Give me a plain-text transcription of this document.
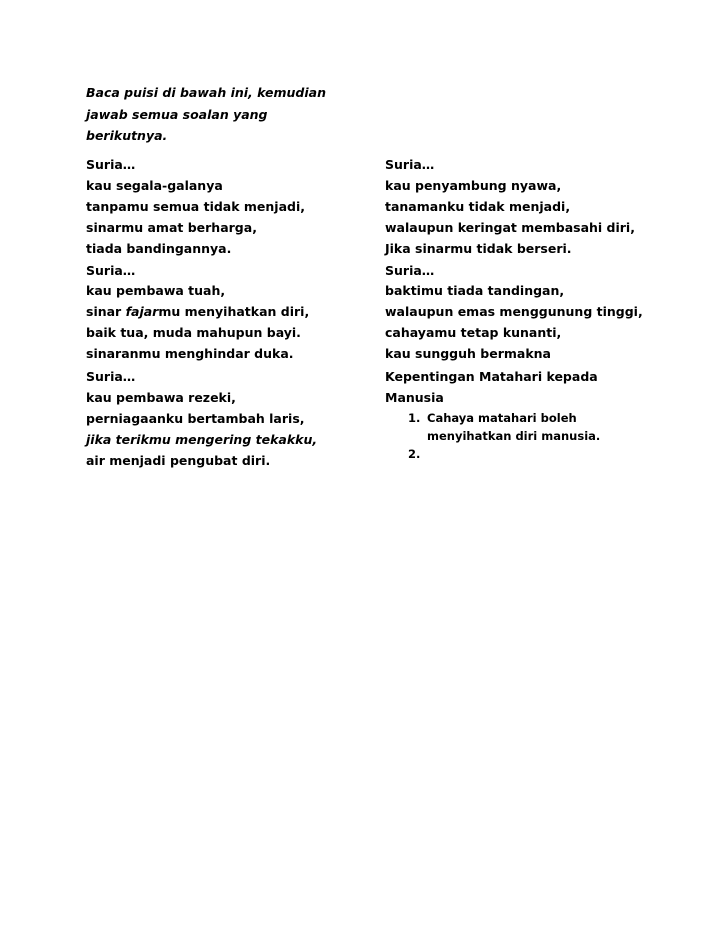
Baca puisi di bawah ini, kemudian
jawab semua soalan yang
berikutnya.
Suria…
kau segala-galanya
tanpamu semua tidak menjadi,
sinarmu amat berharga,
tiada bandingannya.
Suria…
kau pembawa tuah,
sinar fajarmu menyihatkan diri,
baik tua, muda mahupun bayi.
sinaranmu menghindar duka.
Suria…
kau pembawa rezeki,
perniagaanku bertambah laris,
jika terikmu mengering tekakku,
air menjadi pengubat diri.
Suria…
kau penyambung nyawa,
tanamanku tidak menjadi,
walaupun keringat membasahi diri,
Jika sinarmu tidak berseri.
Suria…
baktimu tiada tandingan,
walaupun emas menggunung tinggi,
cahayamu tetap kunanti,
kau sungguh bermakna
Kepentingan Matahari kepada
Manusia
1. Cahaya matahari boleh
menyihatkan diri manusia.
2.
